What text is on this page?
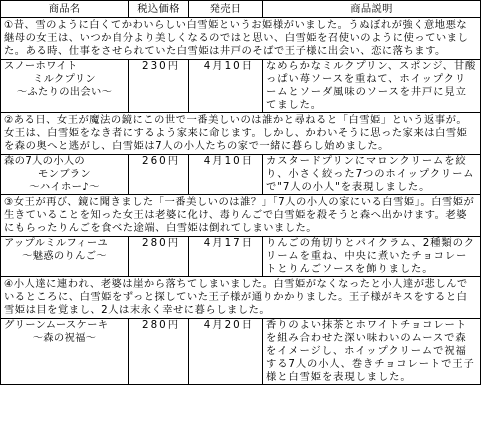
商品名	税込価格	発売日	商品説明
①昔、雪のように白くてかわいらしい白雪姫というお姫様がいました。うぬぼれが強く意地悪な継母の女王は、いつか自分より美しくなるのではと思い、白雪姫を召使いのように使っていました。ある時、仕事をさせられていた白雪姫は井戸のそばで王子様に出会い、恋に落ちます。			

スノーホワイト
ミルクプリン
～ふたりの出会い～	230円	4月10日	なめらかなミルクプリン、スポンジ、甘酸っぱい苺ソースを重ねて、ホイップクリームとソーダ風味のソースを井戸に見立てました。
②ある日、女王が魔法の鏡にこの世で一番美しいのは誰かと尋ねると「白雪姫」という返事が。女王は、白雪姫をなき者にするよう家来に命じます。しかし、かわいそうに思った家来は白雪姫を森の奥へと逃がし、白雪姫は7人の小人たちの家で一緒に暮らし始めました。			

森の7人の小人の
モンブラン
～ハイホー♪～	260円	4月10日	カスタードプリンにマロンクリームを絞り、小さく絞った7つのホイップクリームで"7人の小人"を表現しました。
③女王が再び、鏡に聞きました「一番美しいのは誰？」「7人の小人の家にいる白雪姫」。白雪姫が生きていることを知った女王は老婆に化け、毒りんごで白雪姫を殺そうと森へ出かけます。老婆にもらったりんごを食べた途端、白雪姫は倒れてしまいました。			

アップルミルフィーユ
～魅惑のりんご～	280円	4月17日	りんごの角切りとパイクラム、2種類のクリームを重ね、中央に煮いたチョコレートとりんごソースを飾りました。
④小人達に連われ、老婆は崖から落ちてしまいました。白雪姫がなくなったと小人達が悲しんでいるところに、白雪姫をずっと探していた王子様が通りかかりました。王子様がキスをすると白雪姫は目を覚まし、2人は末永く幸せに暮らしました。			

グリーンムースケーキ
～森の祝福～	280円	4月20日	香りのよい抹茶とホワイトチョコレートを組み合わせた深い味わいのムースで森をイメージし、ホイップクリームで祝福する7人の小人、巻きチョコレートで王子様と白雪姫を表現しました。
